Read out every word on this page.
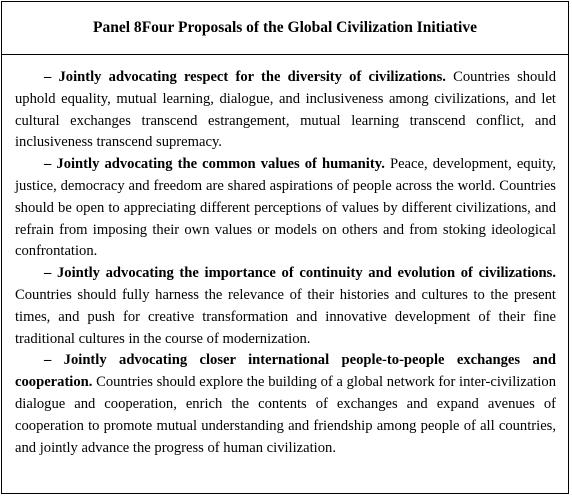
Panel 8 Four Proposals of the Global Civilization Initiative

– Jointly advocating respect for the diversity of civilizations. Countries should uphold equality, mutual learning, dialogue, and inclusiveness among civilizations, and let cultural exchanges transcend estrangement, mutual learning transcend conflict, and inclusiveness transcend supremacy.

– Jointly advocating the common values of humanity. Peace, development, equity, justice, democracy and freedom are shared aspirations of people across the world. Countries should be open to appreciating different perceptions of values by different civilizations, and refrain from imposing their own values or models on others and from stoking ideological confrontation.

– Jointly advocating the importance of continuity and evolution of civilizations. Countries should fully harness the relevance of their histories and cultures to the present times, and push for creative transformation and innovative development of their fine traditional cultures in the course of modernization.

– Jointly advocating closer international people-to-people exchanges and cooperation. Countries should explore the building of a global network for inter-civilization dialogue and cooperation, enrich the contents of exchanges and expand avenues of cooperation to promote mutual understanding and friendship among people of all countries, and jointly advance the progress of human civilization.
